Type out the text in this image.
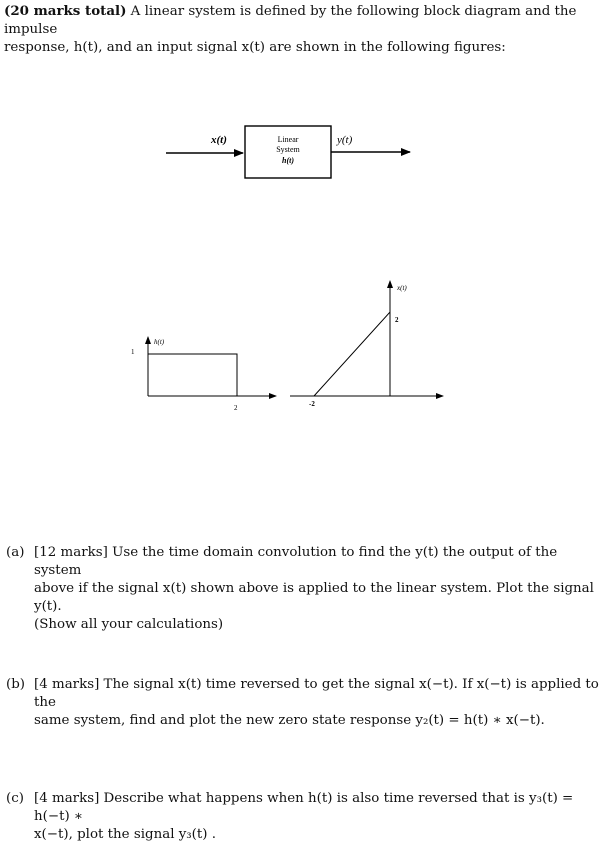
(20 marks total) A linear system is defined by the following block diagram and the impulse
response, h(t), and an input signal x(t) are shown in the following figures:
x(t)	y(t)
Linear
System
h(t)
h(t)
1
2
x(t)
2
-2
(a) [12 marks] Use the time domain convolution to find the y(t) the output of the system
above if the signal x(t) shown above is applied to the linear system. Plot the signal y(t).
(Show all your calculations)
(b) [4 marks] The signal x(t) time reversed to get the signal x(−t). If x(−t) is applied to the
same system, find and plot the new zero state response y₂(t) = h(t) ∗ x(−t).
(c) [4 marks] Describe what happens when h(t) is also time reversed that is y₃(t) = h(−t) ∗
x(−t), plot the signal y₃(t) .
